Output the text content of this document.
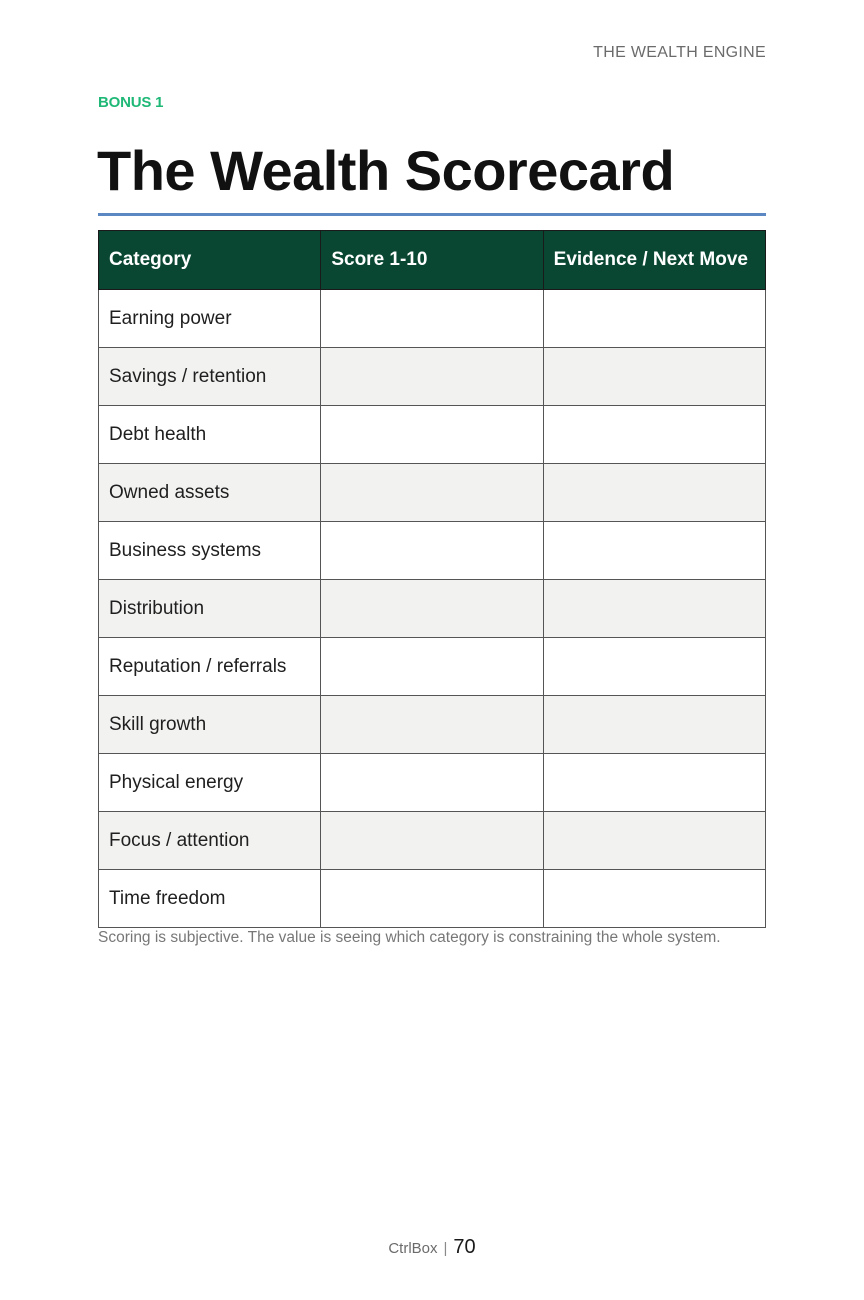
THE WEALTH ENGINE
BONUS 1
The Wealth Scorecard
Category	Score 1-10	Evidence / Next Move
Earning power		
Savings / retention		
Debt health		
Owned assets		
Business systems		
Distribution		
Reputation / referrals		
Skill growth		
Physical energy		
Focus / attention		
Time freedom		

Scoring is subjective. The value is seeing which category is constraining the whole system.

CtrlBox | 70
